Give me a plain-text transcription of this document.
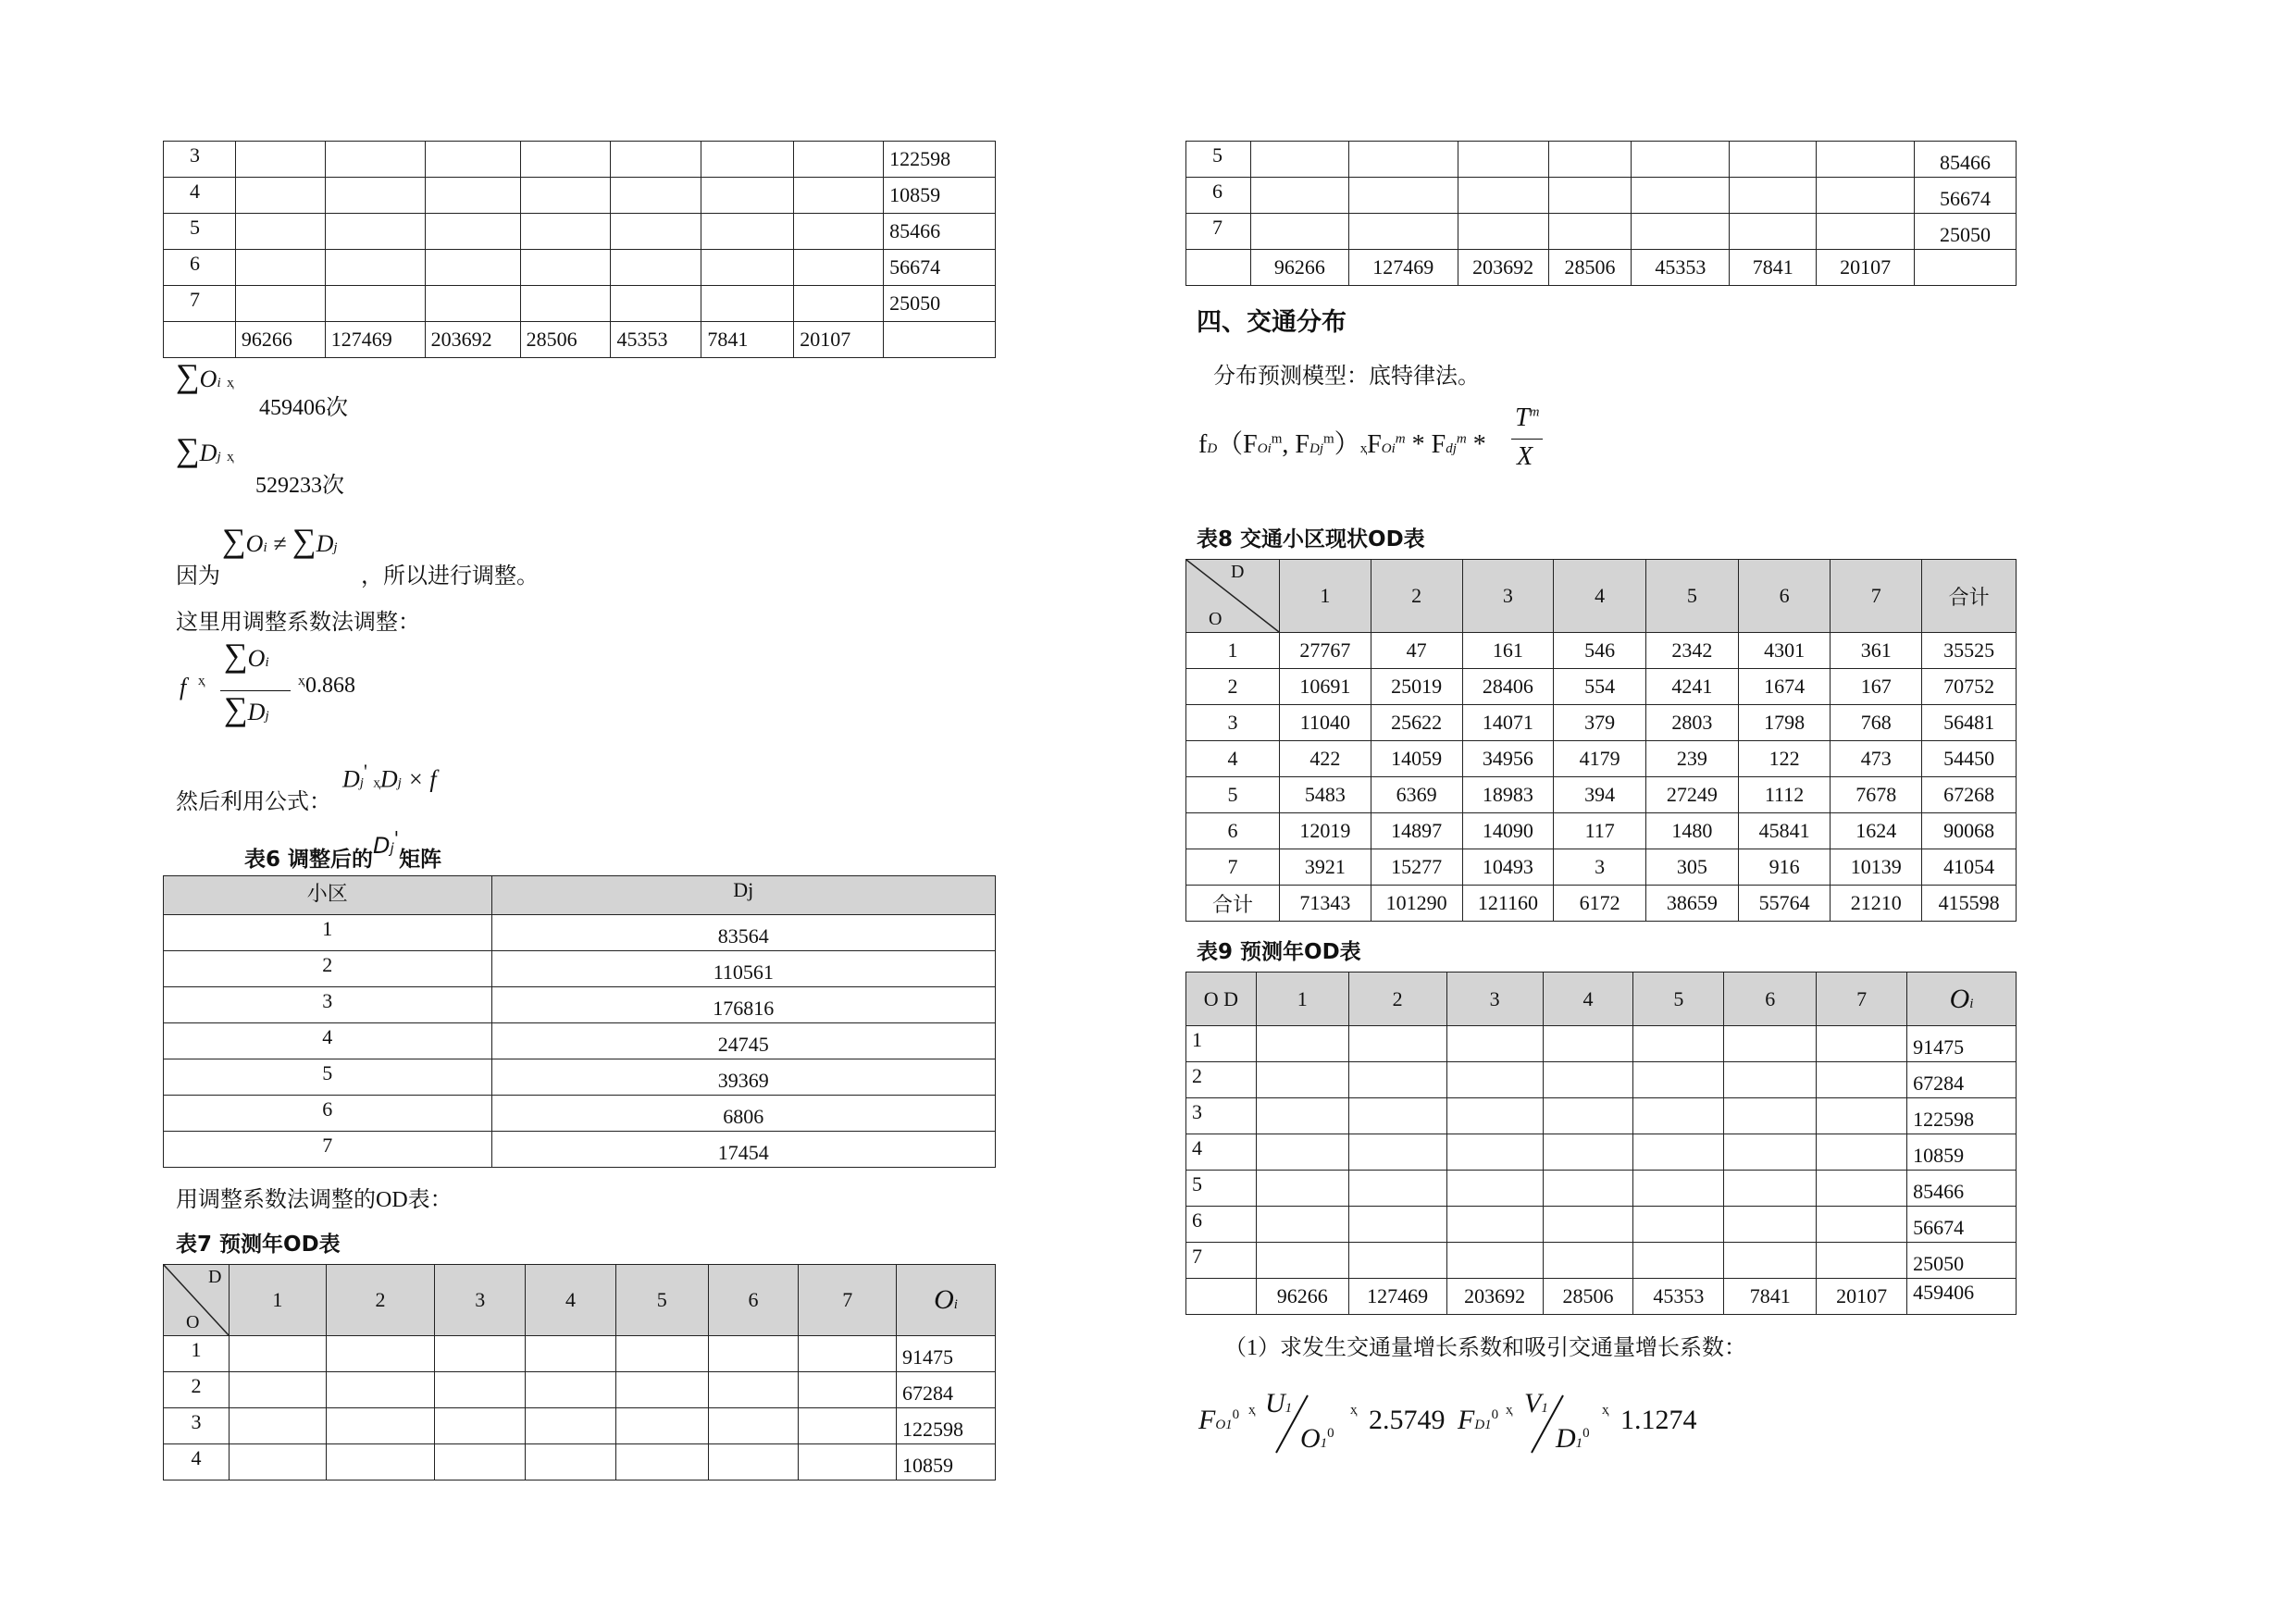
3								122598
4								10859
5								85466
6								56674
7								25050
	96266	127469	203692	28506	45353	7841	20107	
∑Oi ҳ
459406次
∑Dj ҳ
529233次
∑Oi ≠ ∑Dj
因为	，所以进行调整。
这里用调整系数法调整：
f ҳ
∑Oi
∑Dj
ҳ 0.868
然后利用公式：
Dj' ҳDj × f
表6 调整后的Dj'矩阵
小区	Dj
1	83564
2	110561
3	176816
4	24745
5	39369
6	6806
7	17454
用调整系数法调整的OD表：
表7 预测年OD表
D
O	1	2	3	4	5	6	7	Oi
1								91475
2								67284
3								122598
4								10859
5								85466
6								56674
7								25050
	96266	127469	203692	28506	45353	7841	20107	
四、交通分布
分布预测模型：底特律法。
fD（FOi$^m$, FDj$^m$）ҳFOi$^m$ * Fdj$^m$ *
$T^m$
X
表8 交通小区现状OD表
D
O	1	2	3	4	5	6	7	合计
1	27767	47	161	546	2342	4301	361	35525
2	10691	25019	28406	554	4241	1674	167	70752
3	11040	25622	14071	379	2803	1798	768	56481
4	422	14059	34956	4179	239	122	473	54450
5	5483	6369	18983	394	27249	1112	7678	67268
6	12019	14897	14090	117	1480	45841	1624	90068
7	3921	15277	10493	3	305	916	10139	41054
合计	71343	101290	121160	6172	38659	55764	21210	415598
表9 预测年OD表
O D	1	2	3	4	5	6	7	Oi
1								91475
2								67284
3								122598
4								10859
5								85466
6								56674
7								25050
	96266	127469	203692	28506	45353	7841	20107	459406
（1）求发生交通量增长系数和吸引交通量增长系数：
$FO1^0$ ҳ U1
$O1^0$
ҳ 2.5749 $FD1^0$ ҳ V1
$D1^0$
ҳ 1.1274
